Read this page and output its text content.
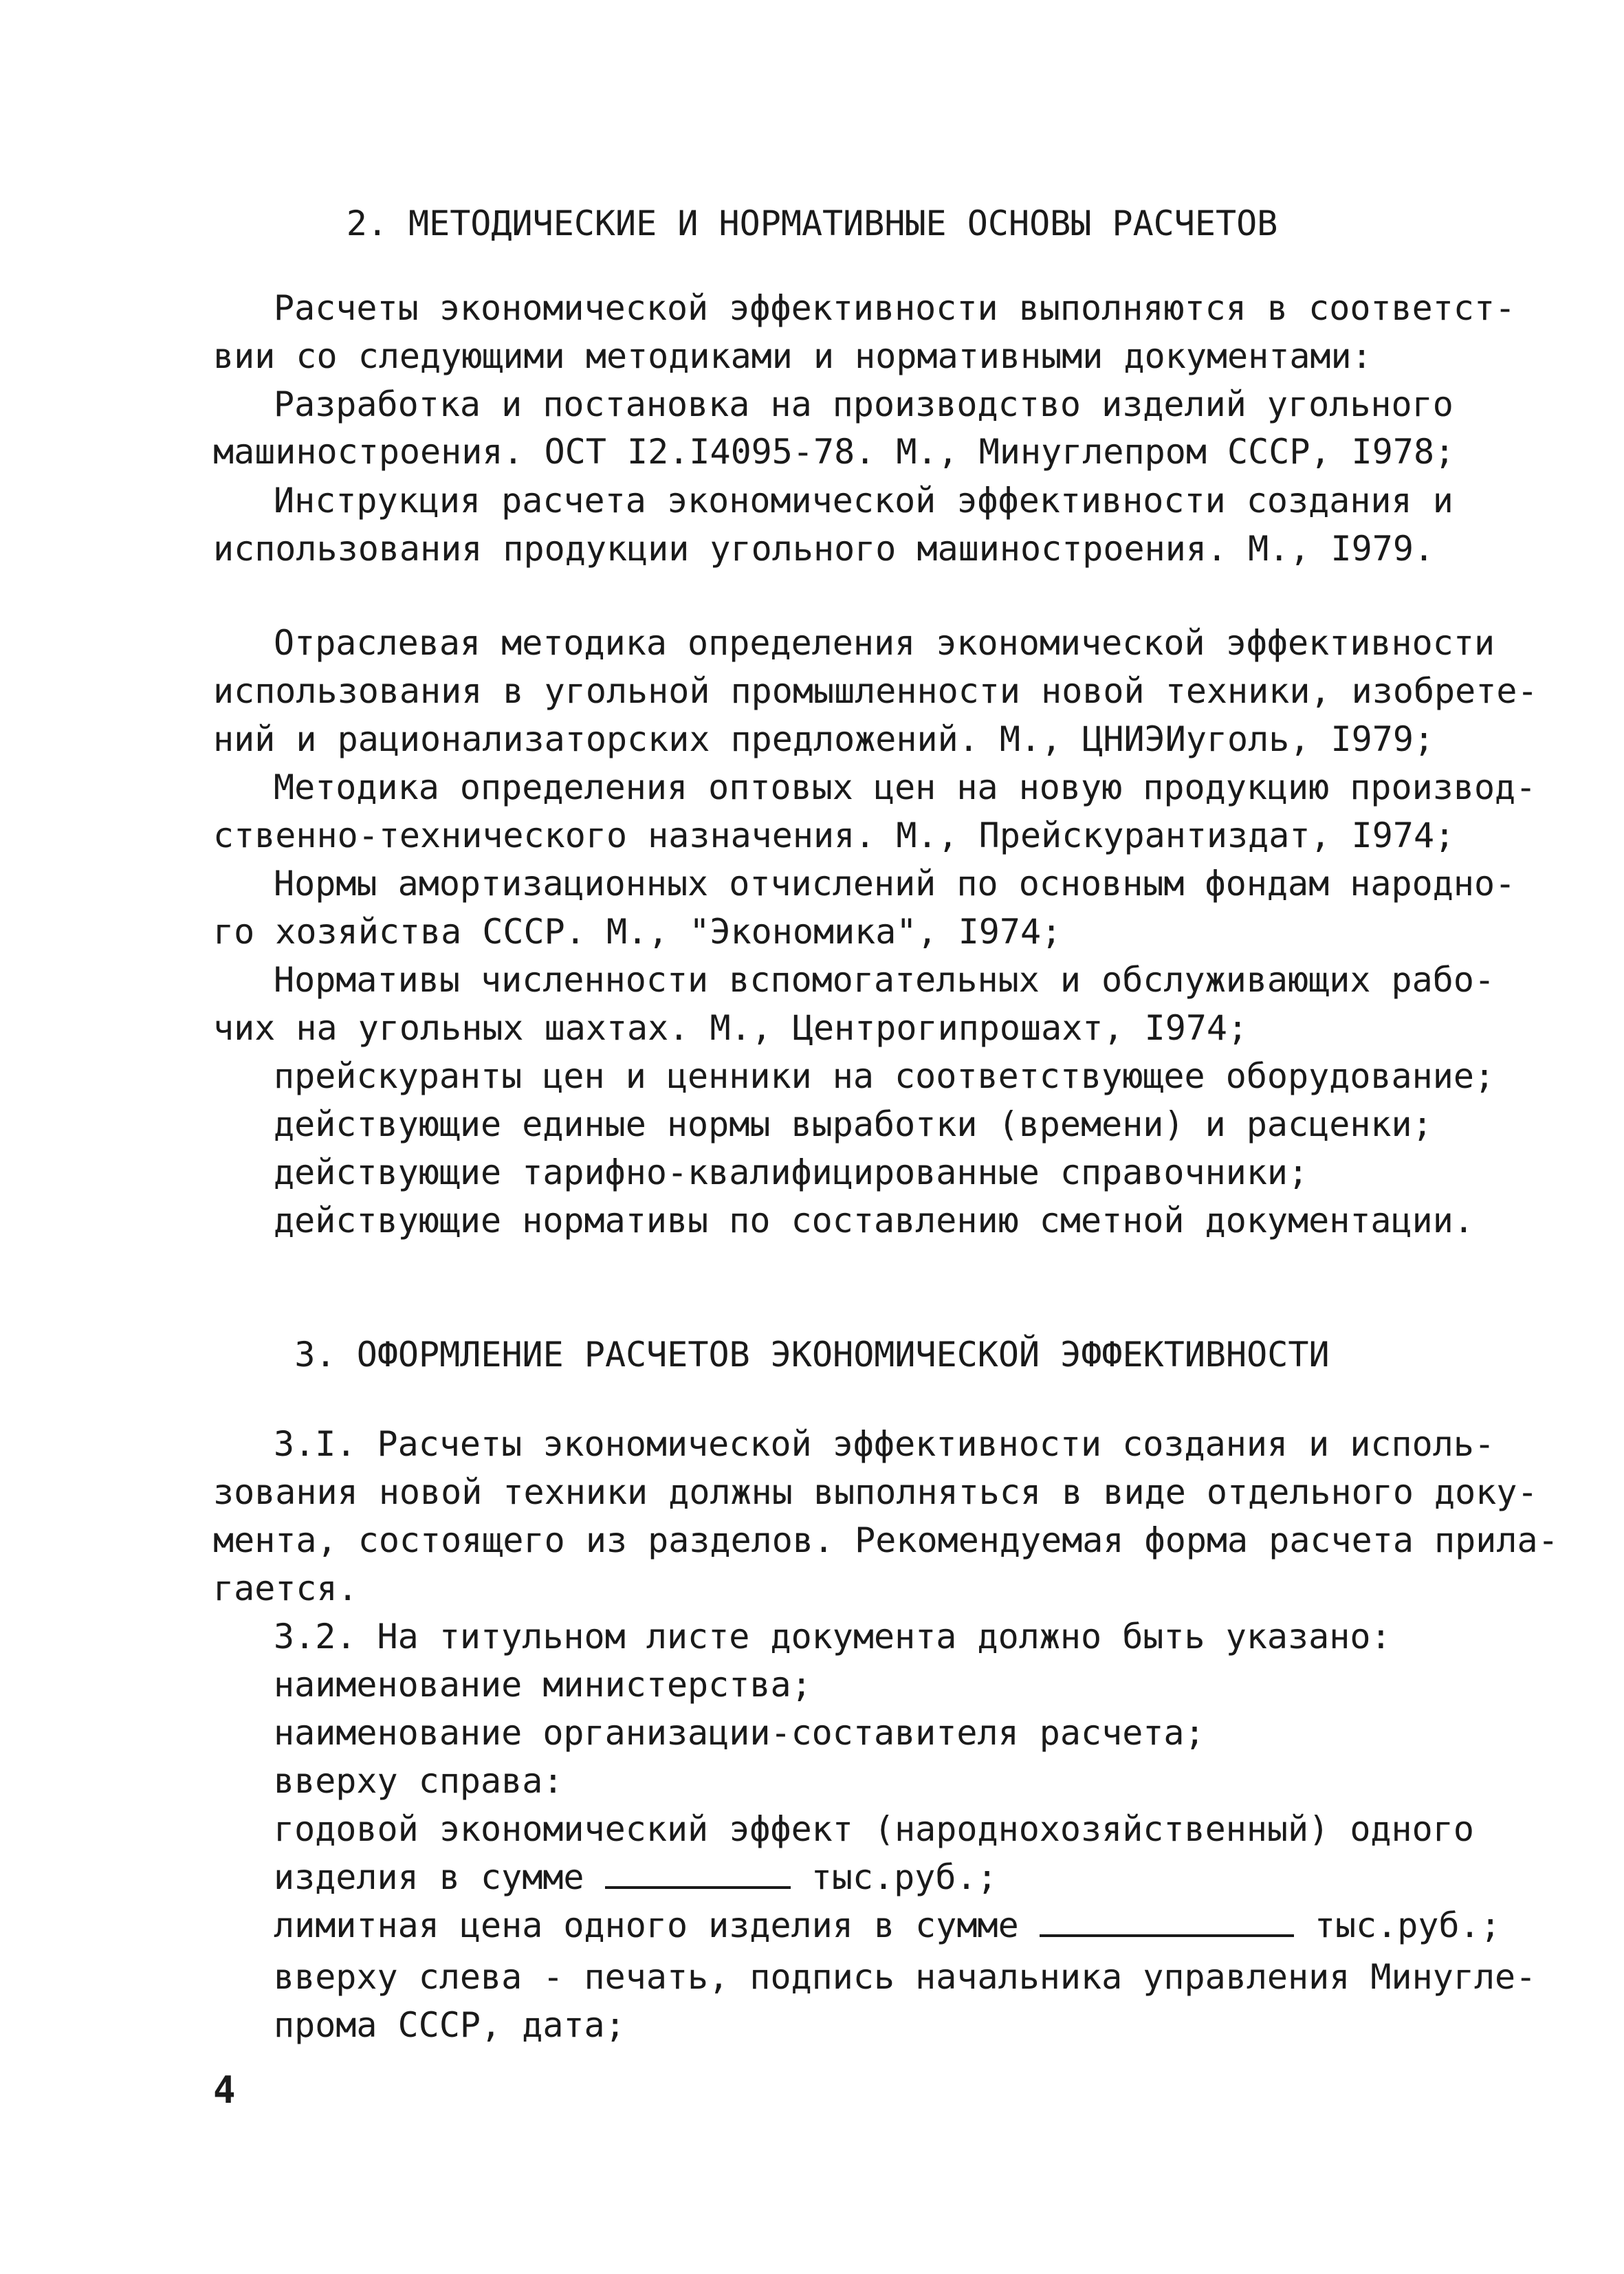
2. МЕТОДИЧЕСКИЕ И НОРМАТИВНЫЕ ОСНОВЫ РАСЧЕТОВ
Расчеты экономической эффективности выполняются в соответст-
вии со следующими методиками и нормативными документами:
Разработка и постановка на производство изделий угольного
машиностроения. ОСТ I2.I4095-78. М., Минуглепром СССР, I978;
Инструкция расчета экономической эффективности создания и
использования продукции угольного машиностроения. М., I979.
Отраслевая методика определения экономической эффективности
использования в угольной промышленности новой техники, изобрете-
ний и рационализаторских предложений. М., ЦНИЭИуголь, I979;
Методика определения оптовых цен на новую продукцию производ-
ственно-технического назначения. М., Прейскурантиздат, I974;
Нормы амортизационных отчислений по основным фондам народно-
го хозяйства СССР. М., "Экономика", I974;
Нормативы численности вспомогательных и обслуживающих рабо-
чих на угольных шахтах. М., Центрогипрошахт, I974;
прейскуранты цен и ценники на соответствующее оборудование;
действующие единые нормы выработки (времени) и расценки;
действующие тарифно-квалифицированные справочники;
действующие нормативы по составлению сметной документации.
3. ОФОРМЛЕНИЕ РАСЧЕТОВ ЭКОНОМИЧЕСКОЙ ЭФФЕКТИВНОСТИ
3.I. Расчеты экономической эффективности создания и исполь-
зования новой техники должны выполняться в виде отдельного доку-
мента, состоящего из разделов. Рекомендуемая форма расчета прила-
гается.
3.2. На титульном листе документа должно быть указано:
наименование министерства;
наименование организации-составителя расчета;
вверху справа:
годовой экономический эффект (народнохозяйственный) одного
изделия в сумме	тыс.руб.;
лимитная цена одного изделия в сумме	тыс.руб.;
вверху слева - печать, подпись начальника управления Минугле-
прома СССР, дата;
4
